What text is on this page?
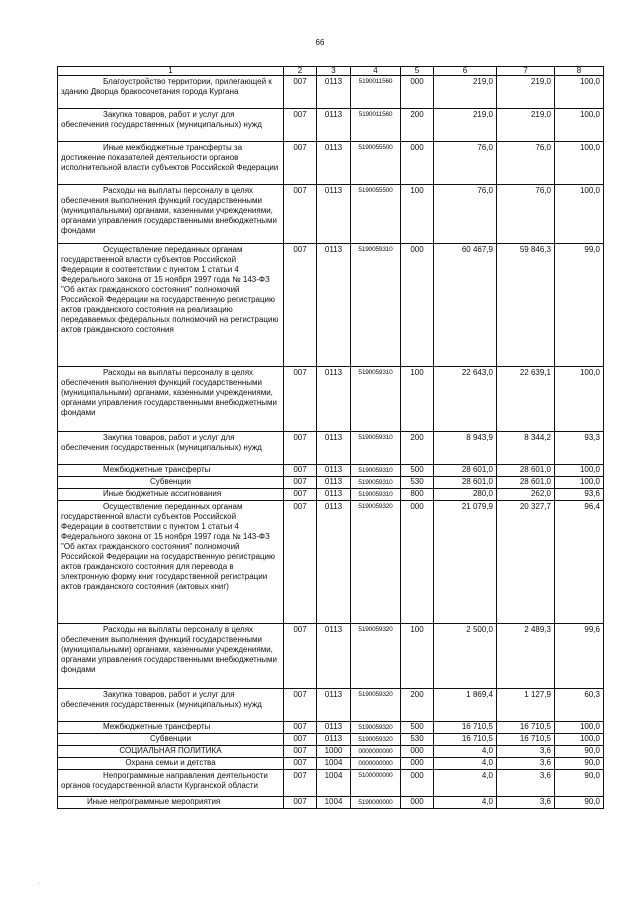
66
1	2	3	4	5	6	7	8
Благоустройство территории, прилегающей к зданию Дворца бракосочетания города Кургана	007	0113	5190011560	000	219,0	219,0	100,0
Закупка товаров, работ и услуг для обеспечения государственных (муниципальных) нужд	007	0113	5190011560	200	219,0	219,0	100,0
Иные межбюджетные трансферты за достижение показателей деятельности органов исполнительной власти субъектов Российской Федерации	007	0113	5190055500	000	76,0	76,0	100,0
Расходы на выплаты персоналу в целях обеспечения выполнения функций государственными (муниципальными) органами, казенными учреждениями, органами управления государственными внебюджетными фондами	007	0113	5190055500	100	76,0	76,0	100,0
Осуществление переданных органам государственной власти субъектов Российской Федерации в соответствии с пунктом 1 статьи 4 Федерального закона от 15 ноября 1997 года № 143-ФЗ "Об актах гражданского состояния" полномочий Российской Федерации на государственную регистрацию актов гражданского состояния на реализацию передаваемых федеральных полномочий на регистрацию актов гражданского состояния	007	0113	5190059310	000	60 467,9	59 846,3	99,0
Расходы на выплаты персоналу в целях обеспечения выполнения функций государственными (муниципальными) органами, казенными учреждениями, органами управления государственными внебюджетными фондами	007	0113	5190059310	100	22 643,0	22 639,1	100,0
Закупка товаров, работ и услуг для обеспечения государственных (муниципальных) нужд	007	0113	5190059310	200	8 943,9	8 344,2	93,3
Межбюджетные трансферты	007	0113	5190059310	500	28 601,0	28 601,0	100,0
Субвенции	007	0113	5190059310	530	28 601,0	28 601,0	100,0
Иные бюджетные ассигнования	007	0113	5190059310	800	280,0	262,0	93,6
Осуществление переданных органам государственной власти субъектов Российской Федерации в соответствии с пунктом 1 статьи 4 Федерального закона от 15 ноября 1997 года № 143-ФЗ "Об актах гражданского состояния" полномочий Российской Федерации на государственную регистрацию актов гражданского состояния для перевода в электронную форму книг государственной регистрации актов гражданского состояния (актовых книг)	007	0113	5190059320	000	21 079,9	20 327,7	96,4
Расходы на выплаты персоналу в целях обеспечения выполнения функций государственными (муниципальными) органами, казенными учреждениями, органами управления государственными внебюджетными фондами	007	0113	5190059320	100	2 500,0	2 489,3	99,6
Закупка товаров, работ и услуг для обеспечения государственных (муниципальных) нужд	007	0113	5190059320	200	1 869,4	1 127,9	60,3
Межбюджетные трансферты	007	0113	5190059320	500	16 710,5	16 710,5	100,0
Субвенции	007	0113	5190059320	530	16 710,5	16 710,5	100,0
СОЦИАЛЬНАЯ ПОЛИТИКА	007	1000	0000000000	000	4,0	3,6	90,0
Охрана семьи и детства	007	1004	0000000000	000	4,0	3,6	90,0
Непрограммные направления деятельности органов государственной власти Курганской области	007	1004	5100000000	000	4,0	3,6	90,0
Иные непрограммные мероприятия	007	1004	5190000000	000	4,0	3,6	90,0
.
